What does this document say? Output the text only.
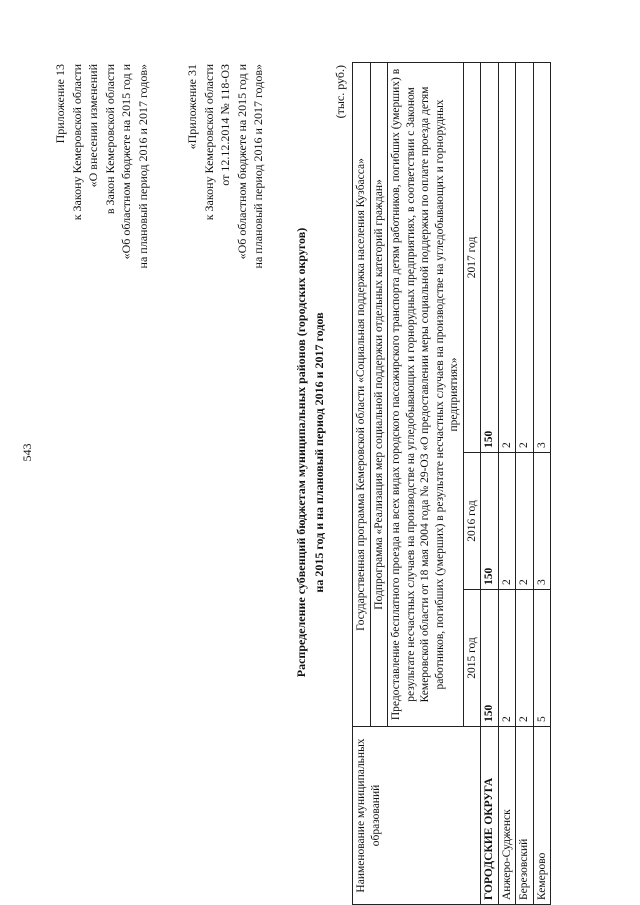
543
Приложение 13 к Закону Кемеровской области «О внесении изменений в Закон Кемеровской области «Об областном бюджете на 2015 год и на плановый период 2016 и 2017 годов»	«Приложение 31 к Закону Кемеровской области от 12.12.2014 № 118-ОЗ «Об областном бюджете на 2015 год и на плановый период 2016 и 2017 годов»
Распределение субвенций бюджетам муниципальных районов (городских округов) на 2015 год и на плановый период 2016 и 2017 годов
(тыс. руб.)
Наименование муниципальных образований	Государственная программа Кемеровской области «Социальная поддержка населения Кузбасса»		
	Подпрограмма «Реализация мер социальной поддержки отдельных категорий граждан»		
	Предоставление бесплатного проезда на всех видах городского пассажирского транспорта детям работников, погибших (умерших) в результате несчастных случаев на производстве на угледобывающих и горнорудных предприятиях, в соответствии с Законом Кемеровской области от 18 мая 2004 года № 29-ОЗ «О предоставлении меры социальной поддержки по оплате проезда детям работников, погибших (умерших) в результате несчастных случаев на производстве на угледобывающих и горнорудных предприятиях»		
	2015 год	2016 год	2017 год
ГОРОДСКИЕ ОКРУГА	150	150	150
Анжеро-Судженск	2	2	2
Березовский	2	2	2
Кемерово	5	3	3
